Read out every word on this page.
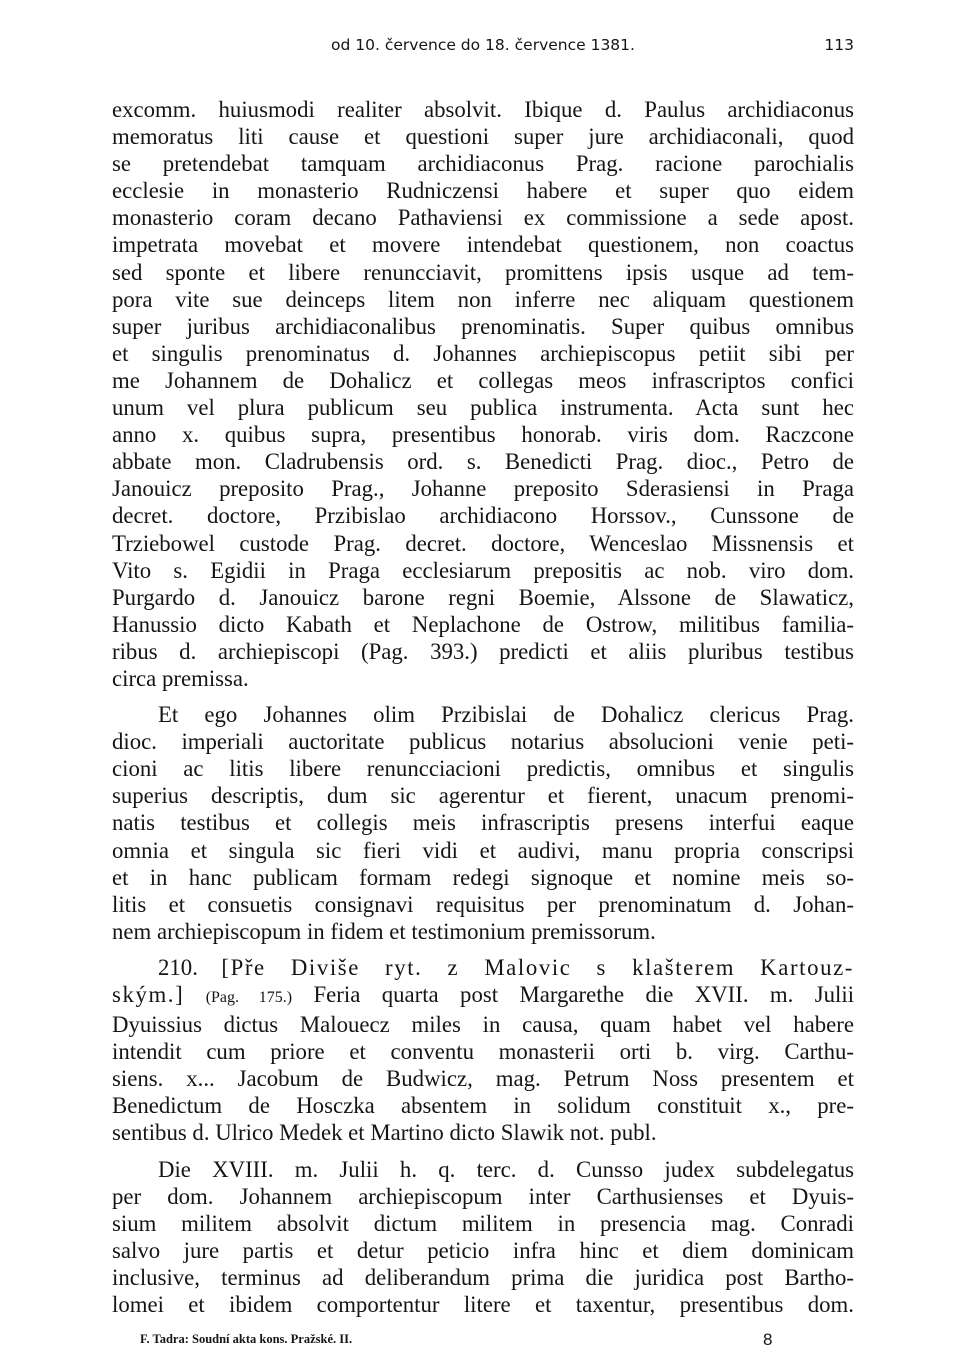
od 10. července do 18. července 1381.	113
excomm. huiusmodi realiter absolvit. Ibique d. Paulus archidiaconus
memoratus liti cause et questioni super jure archidiaconali, quod
se pretendebat tamquam archidiaconus Prag. racione parochialis
ecclesie in monasterio Rudniczensi habere et super quo eidem
monasterio coram decano Pathaviensi ex commissione a sede apost.
impetrata movebat et movere intendebat questionem, non coactus
sed sponte et libere renuncciavit, promittens ipsis usque ad tem-
pora vite sue deinceps litem non inferre nec aliquam questionem
super juribus archidiaconalibus prenominatis. Super quibus omnibus
et singulis prenominatus d. Johannes archiepiscopus petiit sibi per
me Johannem de Dohalicz et collegas meos infrascriptos confici
unum vel plura publicum seu publica instrumenta. Acta sunt hec
anno x. quibus supra, presentibus honorab. viris dom. Raczcone
abbate mon. Cladrubensis ord. s. Benedicti Prag. dioc., Petro de
Janouicz preposito Prag., Johanne preposito Sderasiensi in Praga
decret. doctore, Przibislao archidiacono Horssov., Cunssone de
Trziebowel custode Prag. decret. doctore, Wenceslao Missnensis et
Vito s. Egidii in Praga ecclesiarum prepositis ac nob. viro dom.
Purgardo d. Janouicz barone regni Boemie, Alssone de Slawaticz,
Hanussio dicto Kabath et Neplachone de Ostrow, militibus familia-
ribus d. archiepiscopi (Pag. 393.) predicti et aliis pluribus testibus
circa premissa.
Et ego Johannes olim Przibislai de Dohalicz clericus Prag.
dioc. imperiali auctoritate publicus notarius absolucioni venie peti-
cioni ac litis libere renuncciacioni predictis, omnibus et singulis
superius descriptis, dum sic agerentur et fierent, unacum prenomi-
natis testibus et collegis meis infrascriptis presens interfui eaque
omnia et singula sic fieri vidi et audivi, manu propria conscripsi
et in hanc publicam formam redegi signoque et nomine meis so-
litis et consuetis consignavi requisitus per prenominatum d. Johan-
nem archiepiscopum in fidem et testimonium premissorum.
210. [Pře Diviše ryt. z Malovic s klašterem Kartouz-
ským.] (Pag. 175.) Feria quarta post Margarethe die XVII. m. Julii
Dyuissius dictus Malouecz miles in causa, quam habet vel habere
intendit cum priore et conventu monasterii orti b. virg. Carthu-
siens. x... Jacobum de Budwicz, mag. Petrum Noss presentem et
Benedictum de Hosczka absentem in solidum constituit x., pre-
sentibus d. Ulrico Medek et Martino dicto Slawik not. publ.
Die XVIII. m. Julii h. q. terc. d. Cunsso judex subdelegatus
per dom. Johannem archiepiscopum inter Carthusienses et Dyuis-
sium militem absolvit dictum militem in presencia mag. Conradi
salvo jure partis et detur peticio infra hinc et diem dominicam
inclusive, terminus ad deliberandum prima die juridica post Bartho-
lomei et ibidem comportentur litere et taxentur, presentibus dom.
F. Tadra: Soudní akta kons. Pražské. II.	8
